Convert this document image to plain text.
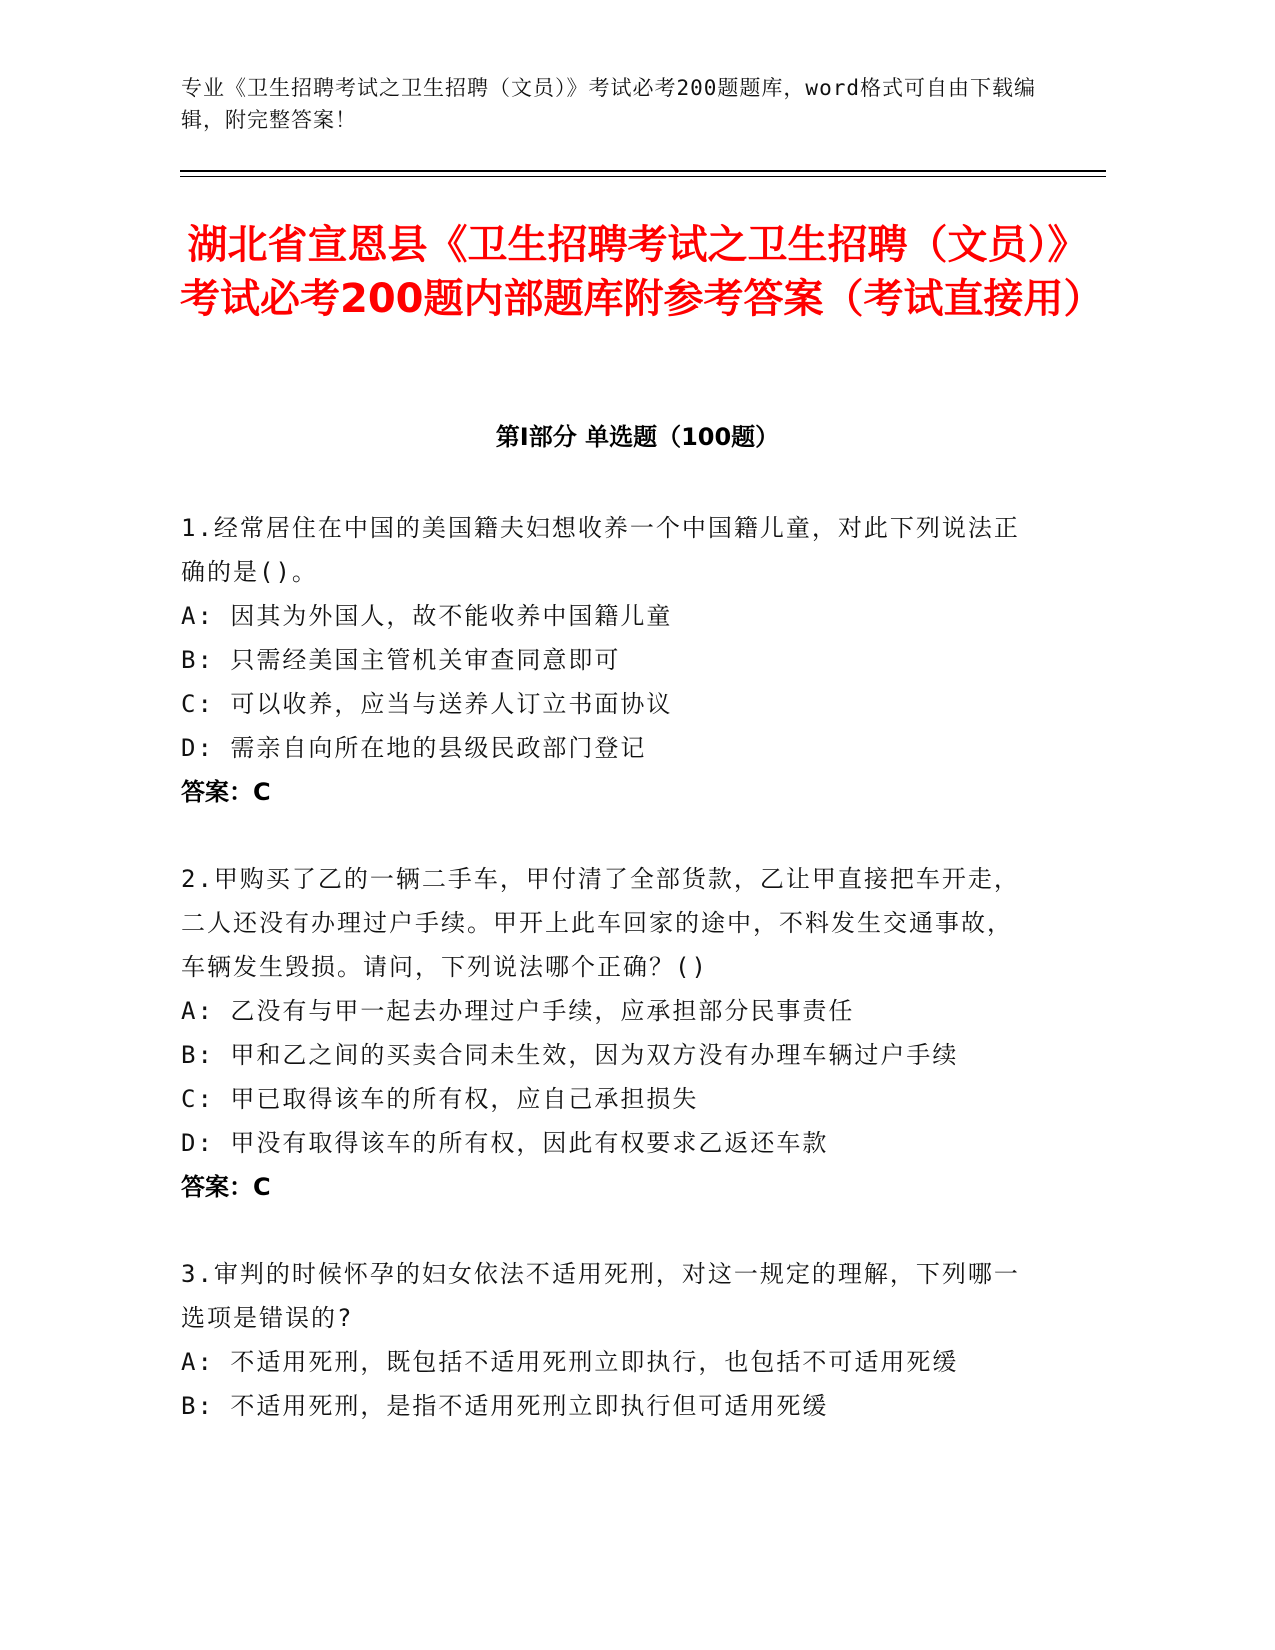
专业《卫生招聘考试之卫生招聘（文员）》考试必考200题题库，word格式可自由下载编辑，附完整答案！
湖北省宣恩县《卫生招聘考试之卫生招聘（文员）》考试必考200题内部题库附参考答案（考试直接用）
第Ⅰ部分 单选题（100题）

1.经常居住在中国的美国籍夫妇想收养一个中国籍儿童，对此下列说法正确的是()。

A: 因其为外国人，故不能收养中国籍儿童

B: 只需经美国主管机关审查同意即可

C: 可以收养，应当与送养人订立书面协议

D: 需亲自向所在地的县级民政部门登记

答案：C

2.甲购买了乙的一辆二手车，甲付清了全部货款，乙让甲直接把车开走，二人还没有办理过户手续。甲开上此车回家的途中，不料发生交通事故，车辆发生毁损。请问，下列说法哪个正确？()

A: 乙没有与甲一起去办理过户手续，应承担部分民事责任

B: 甲和乙之间的买卖合同未生效，因为双方没有办理车辆过户手续

C: 甲已取得该车的所有权，应自己承担损失

D: 甲没有取得该车的所有权，因此有权要求乙返还车款

答案：C

3.审判的时候怀孕的妇女依法不适用死刑，对这一规定的理解，下列哪一选项是错误的?

A: 不适用死刑，既包括不适用死刑立即执行，也包括不可适用死缓

B: 不适用死刑，是指不适用死刑立即执行但可适用死缓
